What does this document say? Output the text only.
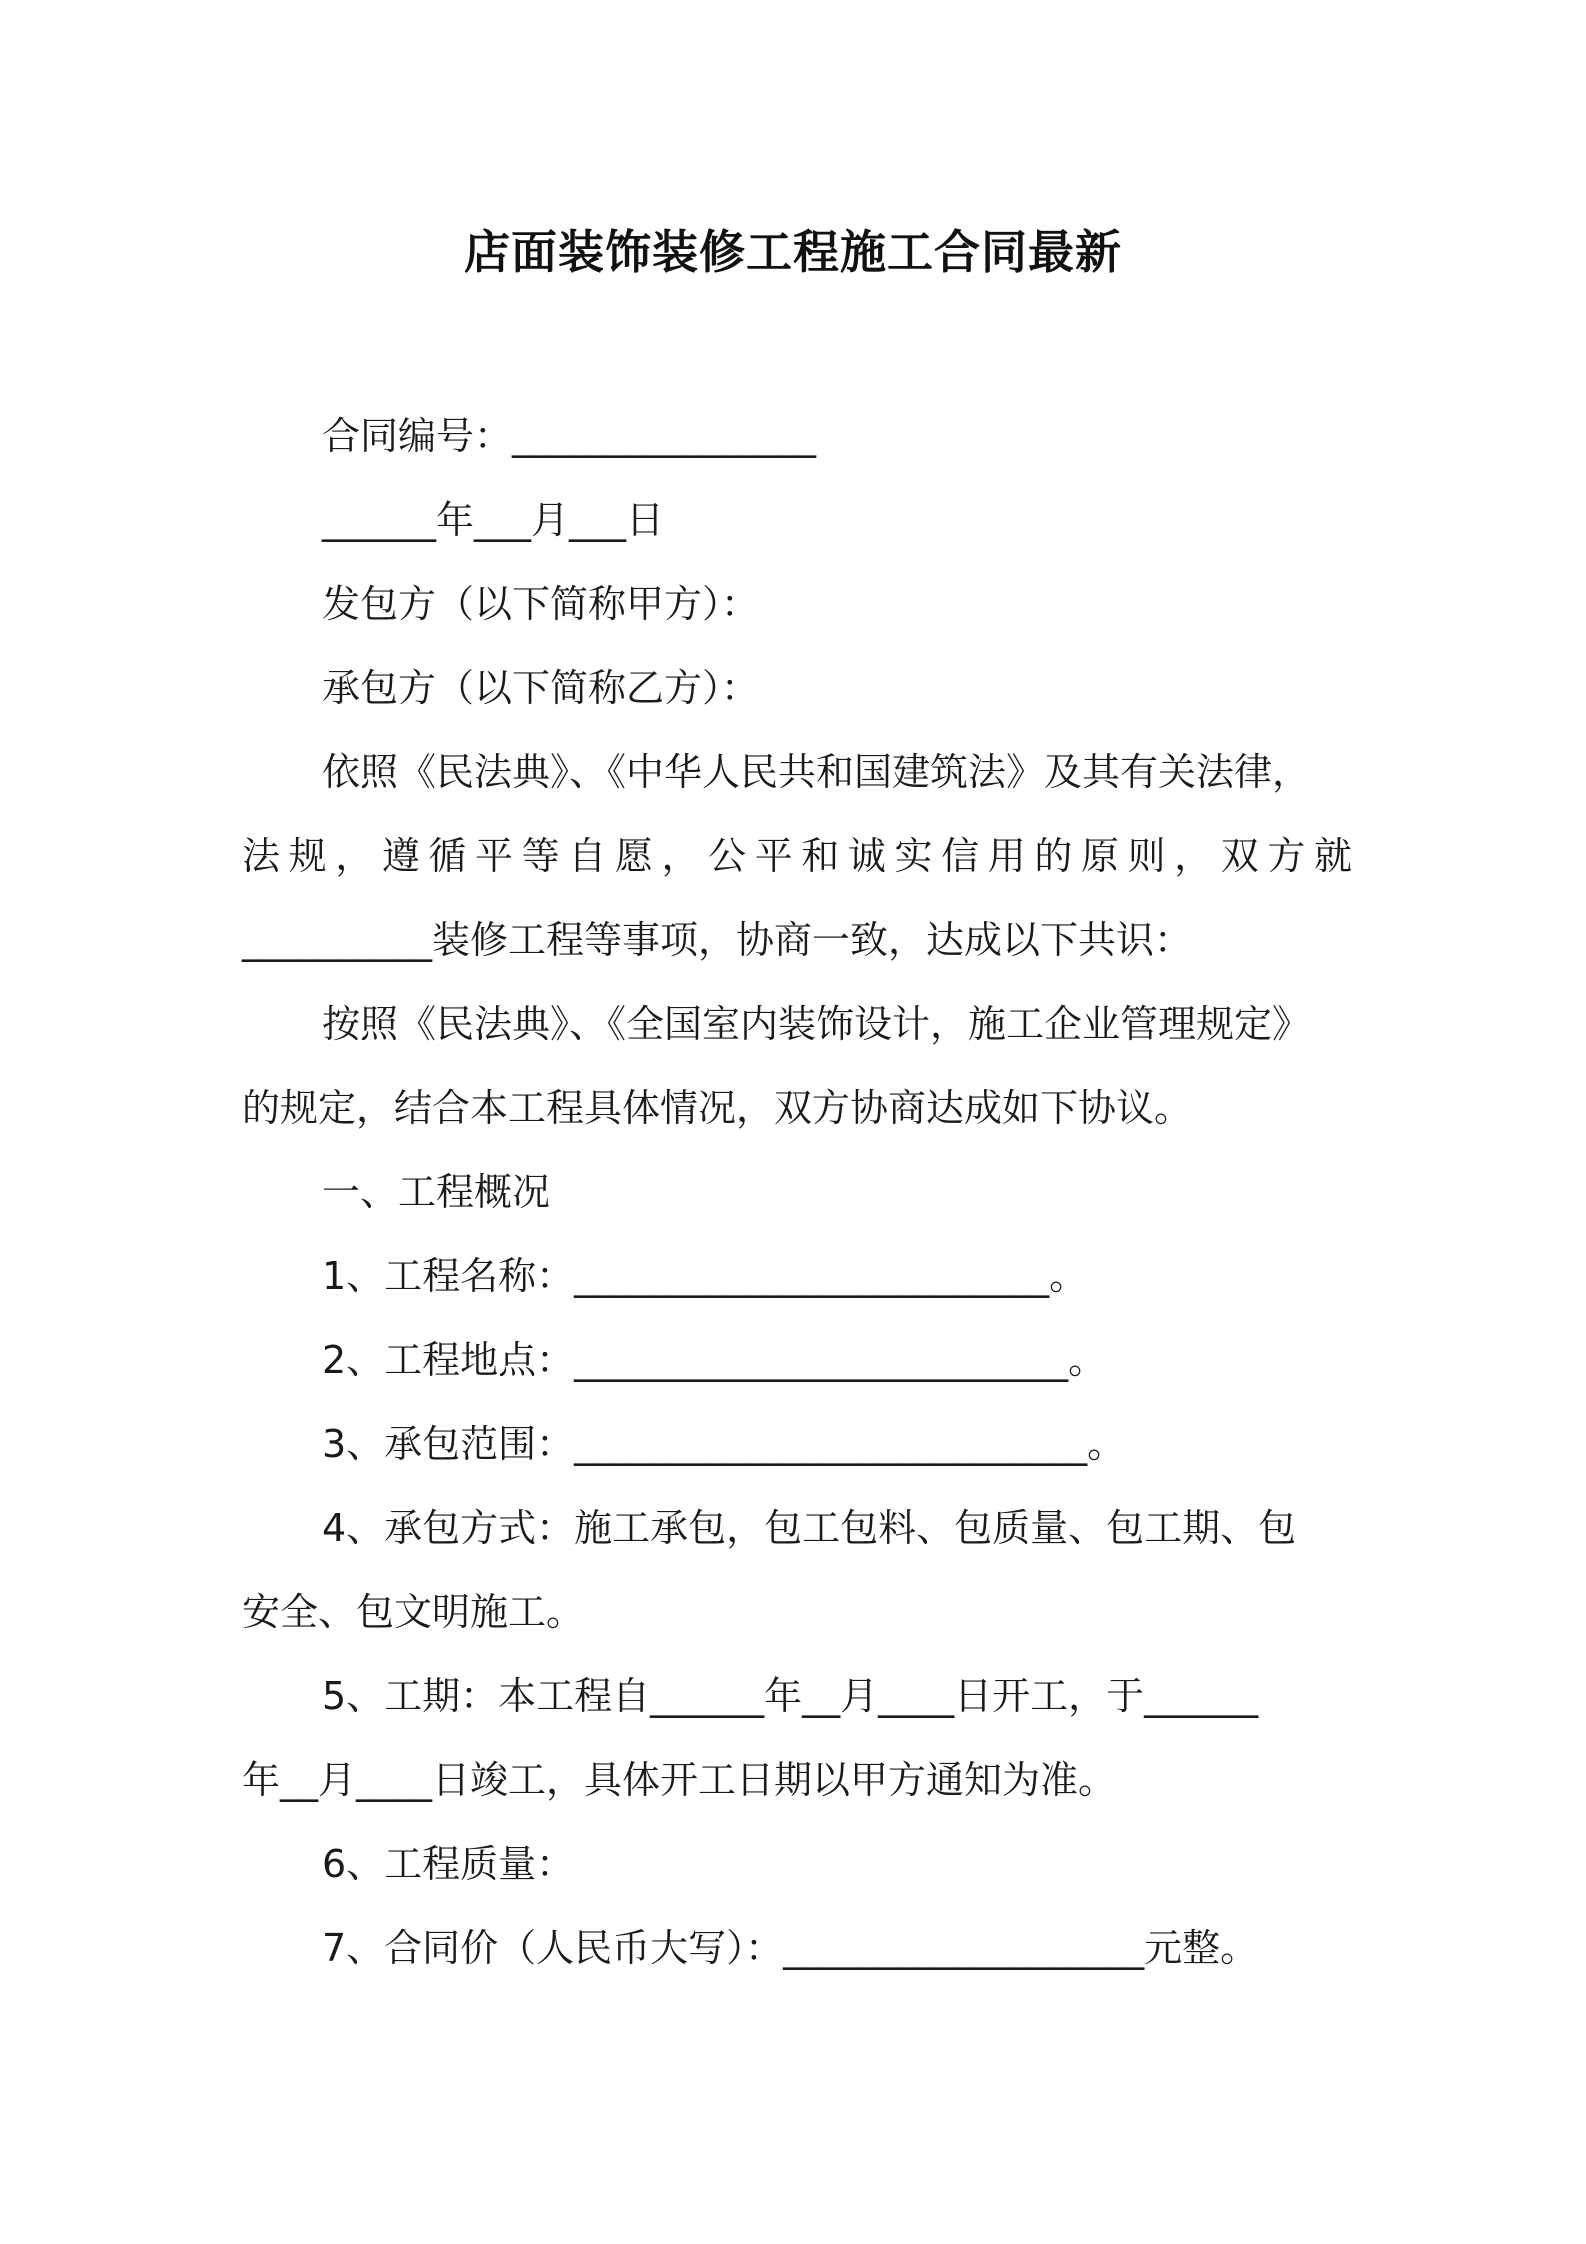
店面装饰装修工程施工合同最新
合同编号：________________
______年___月___日
发包方（以下简称甲方）：
承包方（以下简称乙方）：
依照《民法典》、《中华人民共和国建筑法》及其有关法律，
法规，遵循平等自愿，公平和诚实信用的原则，双方就
__________装修工程等事项，协商一致，达成以下共识：
按照《民法典》、《全国室内装饰设计，施工企业管理规定》
的规定，结合本工程具体情况，双方协商达成如下协议。
一、工程概况
1、工程名称：_________________________。
2、工程地点：__________________________。
3、承包范围：___________________________。
4、承包方式：施工承包，包工包料、包质量、包工期、包
安全、包文明施工。
5、工期：本工程自______年__月____日开工，于______
年__月____日竣工，具体开工日期以甲方通知为准。
6、工程质量：
7、合同价（人民币大写）：___________________元整。
